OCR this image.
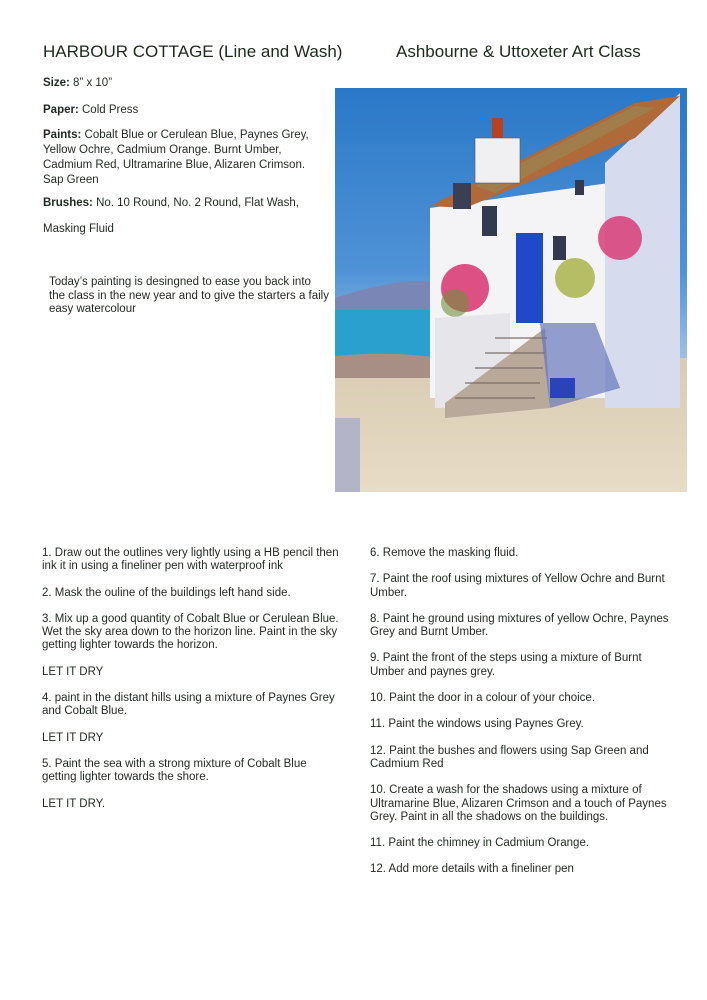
HARBOUR COTTAGE (Line and Wash)	Ashbourne & Uttoxeter Art Class
Size: 8” x 10”
Paper: Cold Press
Paints: Cobalt Blue or Cerulean Blue, Paynes Grey, Yellow Ochre, Cadmium Orange. Burnt Umber, Cadmium Red, Ultramarine Blue, Alizaren Crimson. Sap Green
Brushes: No. 10 Round, No. 2 Round, Flat Wash,
Masking Fluid
Today’s painting is desingned to ease you back into the class in the new year and to give the starters a faily easy watercolour

1. Draw out the outlines very lightly using a HB pencil then ink it in using a fineliner pen with waterproof ink

2. Mask the ouline of the buildings left hand side.

3. Mix up a good quantity of Cobalt Blue or Cerulean Blue. Wet the sky area down to the horizon line. Paint in the sky getting lighter towards the horizon.

LET IT DRY

4. paint in the distant hills using a mixture of Paynes Grey and Cobalt Blue.

LET IT DRY

5. Paint the sea with a strong mixture of Cobalt Blue getting lighter towards the shore.

LET IT DRY.

6. Remove the masking fluid.

7. Paint the roof using mixtures of Yellow Ochre and Burnt Umber.

8. Paint he ground using mixtures of yellow Ochre, Paynes Grey and Burnt Umber.

9. Paint the front of the steps using a mixture of Burnt Umber and paynes grey.

10. Paint the door in a colour of your choice.

11. Paint the windows using Paynes Grey.

12. Paint the bushes and flowers using Sap Green and Cadmium Red

10. Create a wash for the shadows using a mixture of Ultramarine Blue, Alizaren Crimson and a touch of Paynes Grey. Paint in all the shadows on the buildings.

11. Paint the chimney in Cadmium Orange.

12. Add more details with a fineliner pen
